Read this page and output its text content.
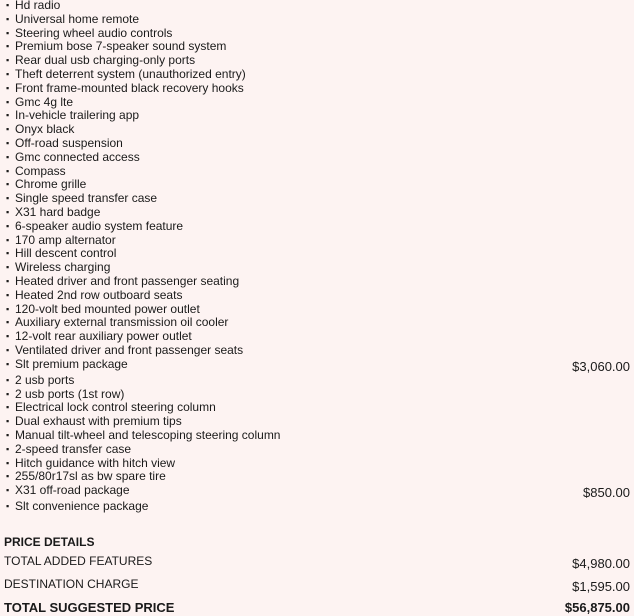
▪ Hd radio
▪ Universal home remote
▪ Steering wheel audio controls
▪ Premium bose 7-speaker sound system
▪ Rear dual usb charging-only ports
▪ Theft deterrent system (unauthorized entry)
▪ Front frame-mounted black recovery hooks
▪ Gmc 4g lte
▪ In-vehicle trailering app
▪ Onyx black
▪ Off-road suspension
▪ Gmc connected access
▪ Compass
▪ Chrome grille
▪ Single speed transfer case
▪ X31 hard badge
▪ 6-speaker audio system feature
▪ 170 amp alternator
▪ Hill descent control
▪ Wireless charging
▪ Heated driver and front passenger seating
▪ Heated 2nd row outboard seats
▪ 120-volt bed mounted power outlet
▪ Auxiliary external transmission oil cooler
▪ 12-volt rear auxiliary power outlet
▪ Ventilated driver and front passenger seats
▪ Slt premium package	$3,060.00
▪ 2 usb ports
▪ 2 usb ports (1st row)
▪ Electrical lock control steering column
▪ Dual exhaust with premium tips
▪ Manual tilt-wheel and telescoping steering column
▪ 2-speed transfer case
▪ Hitch guidance with hitch view
▪ 255/80r17sl as bw spare tire
▪ X31 off-road package	$850.00
▪ Slt convenience package
PRICE DETAILS
TOTAL ADDED FEATURES	$4,980.00
DESTINATION CHARGE	$1,595.00
TOTAL SUGGESTED PRICE	$56,875.00
